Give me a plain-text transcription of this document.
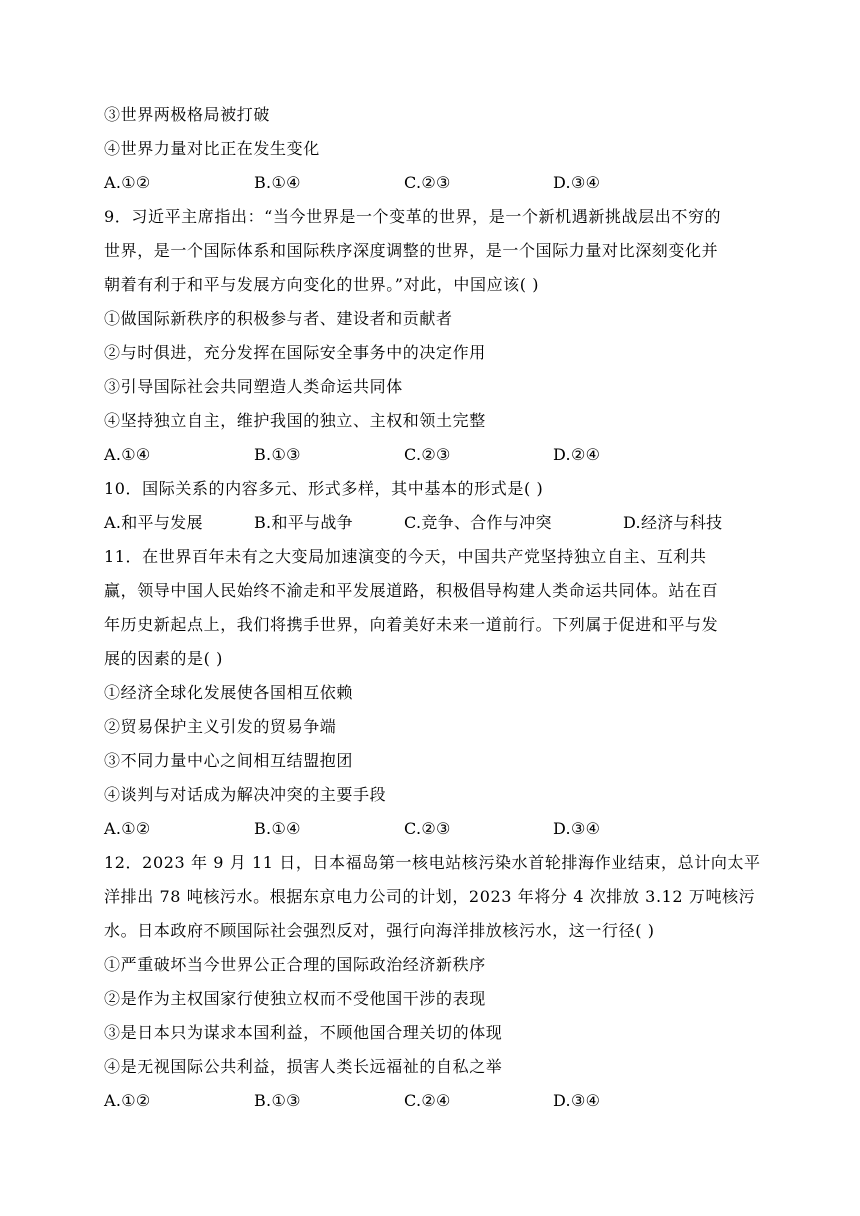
③世界两极格局被打破
④世界力量对比正在发生变化
A.①②	B.①④	C.②③	D.③④
9．习近平主席指出：“当今世界是一个变革的世界，是一个新机遇新挑战层出不穷的
世界，是一个国际体系和国际秩序深度调整的世界，是一个国际力量对比深刻变化并
朝着有利于和平与发展方向变化的世界。”对此，中国应该( )
①做国际新秩序的积极参与者、建设者和贡献者
②与时俱进，充分发挥在国际安全事务中的决定作用
③引导国际社会共同塑造人类命运共同体
④坚持独立自主，维护我国的独立、主权和领土完整
A.①④	B.①③	C.②③	D.②④
10．国际关系的内容多元、形式多样，其中基本的形式是( )
A.和平与发展	B.和平与战争	C.竞争、合作与冲突	D.经济与科技
11．在世界百年未有之大变局加速演变的今天，中国共产党坚持独立自主、互利共
赢，领导中国人民始终不渝走和平发展道路，积极倡导构建人类命运共同体。站在百
年历史新起点上，我们将携手世界，向着美好未来一道前行。下列属于促进和平与发
展的因素的是( )
①经济全球化发展使各国相互依赖
②贸易保护主义引发的贸易争端
③不同力量中心之间相互结盟抱团
④谈判与对话成为解决冲突的主要手段
A.①②	B.①④	C.②③	D.③④
12．2023 年 9 月 11 日，日本福岛第一核电站核污染水首轮排海作业结束，总计向太平
洋排出 78 吨核污水。根据东京电力公司的计划，2023 年将分 4 次排放 3.12 万吨核污
水。日本政府不顾国际社会强烈反对，强行向海洋排放核污水，这一行径( )
①严重破坏当今世界公正合理的国际政治经济新秩序
②是作为主权国家行使独立权而不受他国干涉的表现
③是日本只为谋求本国利益，不顾他国合理关切的体现
④是无视国际公共利益，损害人类长远福祉的自私之举
A.①②	B.①③	C.②④	D.③④
